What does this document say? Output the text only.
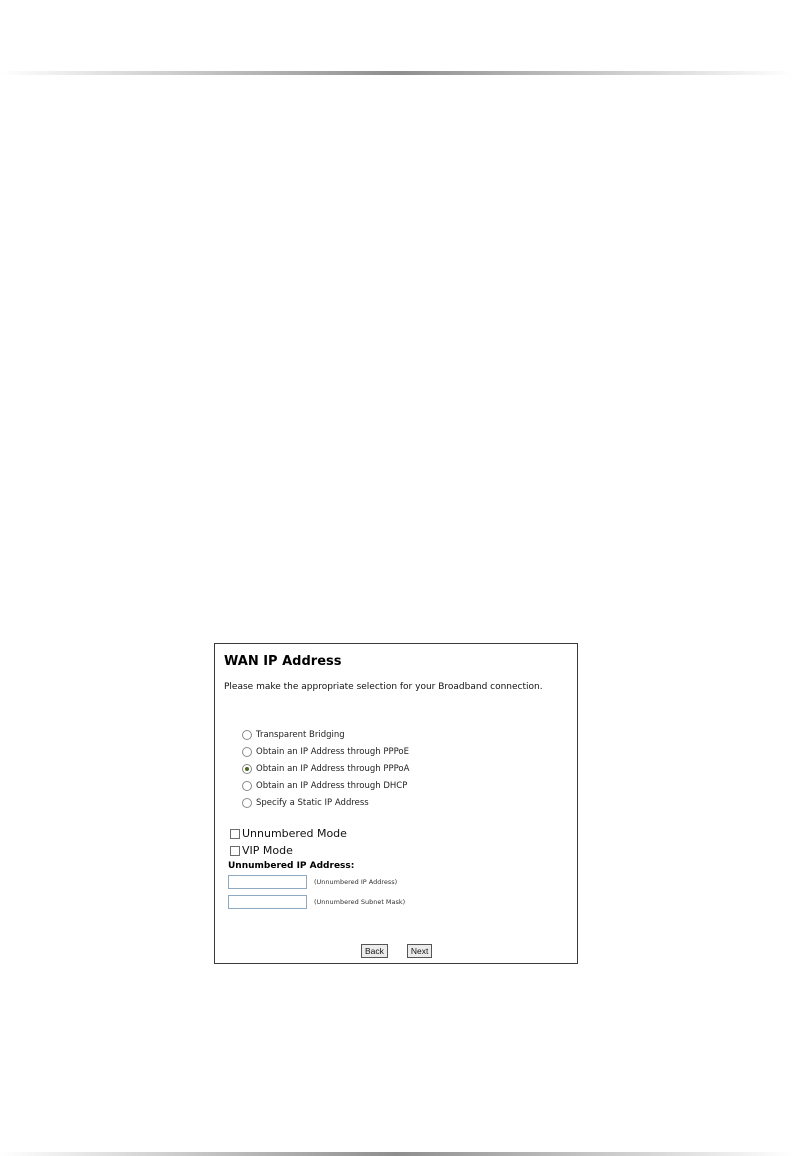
WAN IP Address
Please make the appropriate selection for your Broadband connection.
Transparent Bridging
Obtain an IP Address through PPPoE
Obtain an IP Address through PPPoA
Obtain an IP Address through DHCP
Specify a Static IP Address
Unnumbered Mode
VIP Mode
Unnumbered IP Address:
(Unnumbered IP Address)
(Unnumbered Subnet Mask)
Back	Next
